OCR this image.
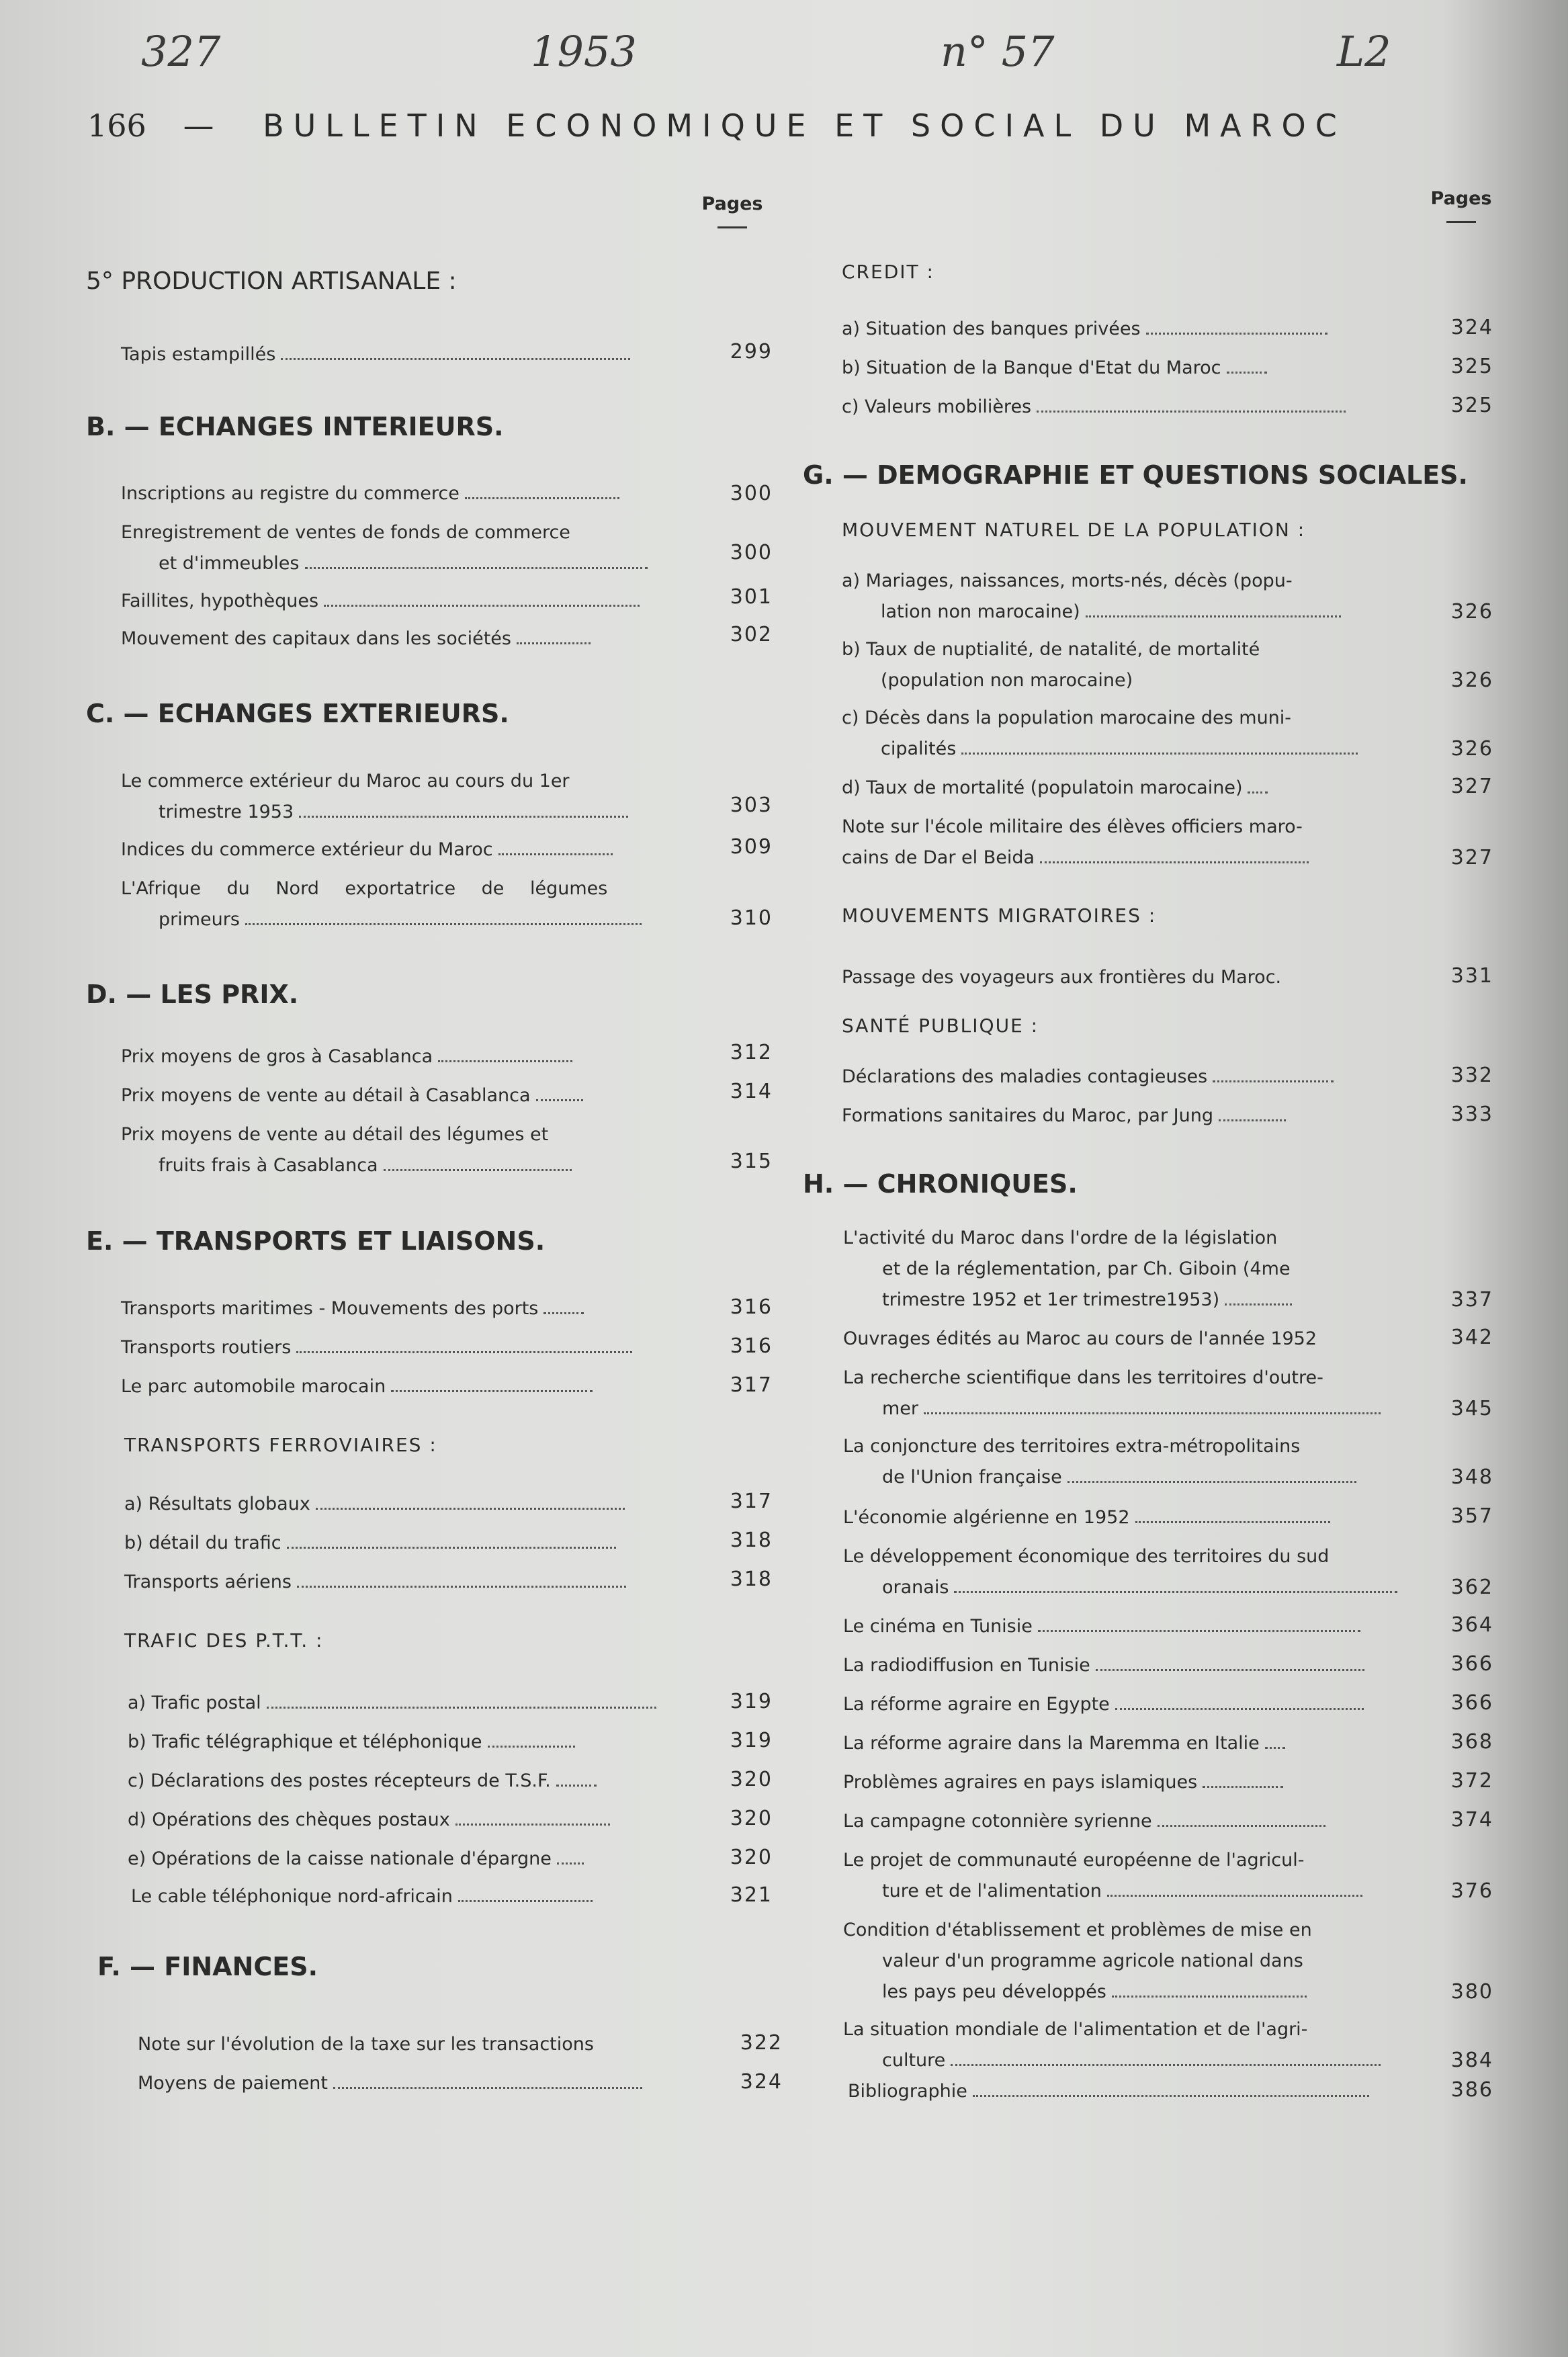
327	1953	n° 57	L2
166 — BULLETIN ECONOMIQUE ET SOCIAL DU MAROC
Pages	Pages
5° PRODUCTION ARTISANALE :
Tapis estampillés	299
B. — ECHANGES INTERIEURS.
Inscriptions au registre du commerce	300
Enregistrement de ventes de fonds de commerce
et d'immeubles	300
Faillites, hypothèques	301
Mouvement des capitaux dans les sociétés	302
C. — ECHANGES EXTERIEURS.
Le commerce extérieur du Maroc au cours du 1er
trimestre 1953	303
Indices du commerce extérieur du Maroc	309
L'Afrique du Nord exportatrice de légumes
primeurs	310
D. — LES PRIX.
Prix moyens de gros à Casablanca	312
Prix moyens de vente au détail à Casablanca	314
Prix moyens de vente au détail des légumes et
fruits frais à Casablanca	315
E. — TRANSPORTS ET LIAISONS.
Transports maritimes - Mouvements des ports	316
Transports routiers	316
Le parc automobile marocain	317
TRANSPORTS FERROVIAIRES :
a) Résultats globaux	317
b) détail du trafic	318
Transports aériens	318
TRAFIC DES P.T.T. :
a) Trafic postal	319
b) Trafic télégraphique et téléphonique	319
c) Déclarations des postes récepteurs de T.S.F.	320
d) Opérations des chèques postaux	320
e) Opérations de la caisse nationale d'épargne	320
Le cable téléphonique nord-africain	321
F. — FINANCES.
Note sur l'évolution de la taxe sur les transactions	322
Moyens de paiement	324
CREDIT :
a) Situation des banques privées	324
b) Situation de la Banque d'Etat du Maroc	325
c) Valeurs mobilières	325
G. — DEMOGRAPHIE ET QUESTIONS SOCIALES.
MOUVEMENT NATUREL DE LA POPULATION :
a) Mariages, naissances, morts-nés, décès (popu-
lation non marocaine)	326
b) Taux de nuptialité, de natalité, de mortalité
(population non marocaine)	326
c) Décès dans la population marocaine des muni-
cipalités	326
d) Taux de mortalité (populatoin marocaine)	327
Note sur l'école militaire des élèves officiers maro-
cains de Dar el Beida	327
MOUVEMENTS MIGRATOIRES :
Passage des voyageurs aux frontières du Maroc.	331
SANTÉ PUBLIQUE :
Déclarations des maladies contagieuses	332
Formations sanitaires du Maroc, par Jung	333
H. — CHRONIQUES.
L'activité du Maroc dans l'ordre de la législation
et de la réglementation, par Ch. Giboin (4me
trimestre 1952 et 1er trimestre1953)	337
Ouvrages édités au Maroc au cours de l'année 1952	342
La recherche scientifique dans les territoires d'outre-
mer	345
La conjoncture des territoires extra-métropolitains
de l'Union française	348
L'économie algérienne en 1952	357
Le développement économique des territoires du sud
oranais	362
Le cinéma en Tunisie	364
La radiodiffusion en Tunisie	366
La réforme agraire en Egypte	366
La réforme agraire dans la Maremma en Italie	368
Problèmes agraires en pays islamiques	372
La campagne cotonnière syrienne	374
Le projet de communauté européenne de l'agricul-
ture et de l'alimentation	376
Condition d'établissement et problèmes de mise en
valeur d'un programme agricole national dans
les pays peu développés	380
La situation mondiale de l'alimentation et de l'agri-
culture	384
Bibliographie	386
